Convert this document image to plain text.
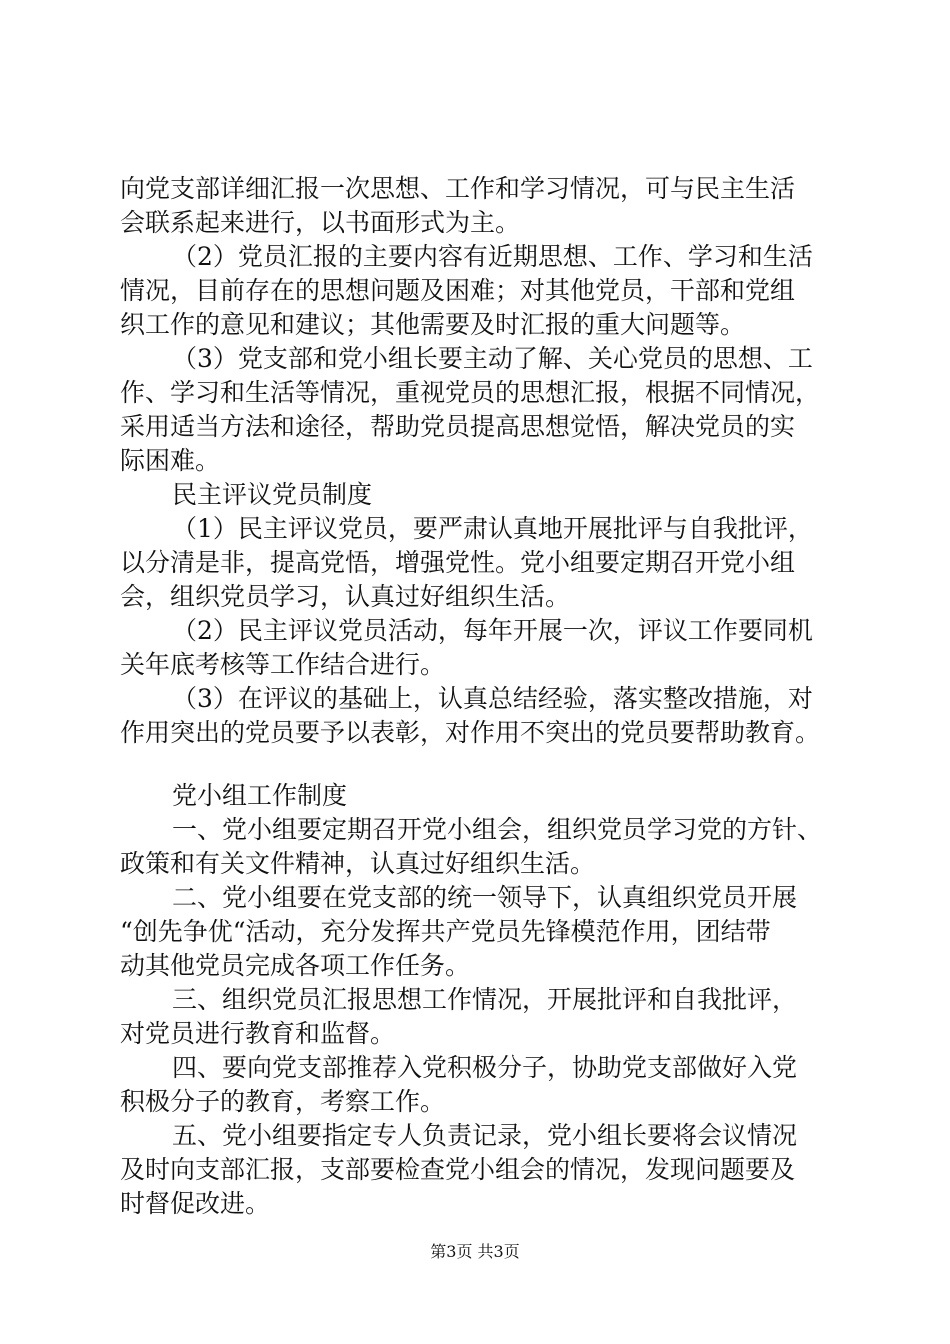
向党支部详细汇报一次思想、工作和学习情况，可与民主生活
会联系起来进行，以书面形式为主。
（2）党员汇报的主要内容有近期思想、工作、学习和生活
情况，目前存在的思想问题及困难；对其他党员，干部和党组
织工作的意见和建议；其他需要及时汇报的重大问题等。
（3）党支部和党小组长要主动了解、关心党员的思想、工
作、学习和生活等情况，重视党员的思想汇报，根据不同情况，
采用适当方法和途径，帮助党员提高思想觉悟，解决党员的实
际困难。
民主评议党员制度
（1）民主评议党员，要严肃认真地开展批评与自我批评，
以分清是非，提高党悟，增强党性。党小组要定期召开党小组
会，组织党员学习，认真过好组织生活。
（2）民主评议党员活动，每年开展一次，评议工作要同机
关年底考核等工作结合进行。
（3）在评议的基础上，认真总结经验，落实整改措施，对
作用突出的党员要予以表彰，对作用不突出的党员要帮助教育。
党小组工作制度
一、党小组要定期召开党小组会，组织党员学习党的方针、
政策和有关文件精神，认真过好组织生活。
二、党小组要在党支部的统一领导下，认真组织党员开展
“创先争优“活动，充分发挥共产党员先锋模范作用，团结带
动其他党员完成各项工作任务。
三、组织党员汇报思想工作情况，开展批评和自我批评，
对党员进行教育和监督。
四、要向党支部推荐入党积极分子，协助党支部做好入党
积极分子的教育，考察工作。
五、党小组要指定专人负责记录，党小组长要将会议情况
及时向支部汇报，支部要检查党小组会的情况，发现问题要及
时督促改进。
第3页 共3页
